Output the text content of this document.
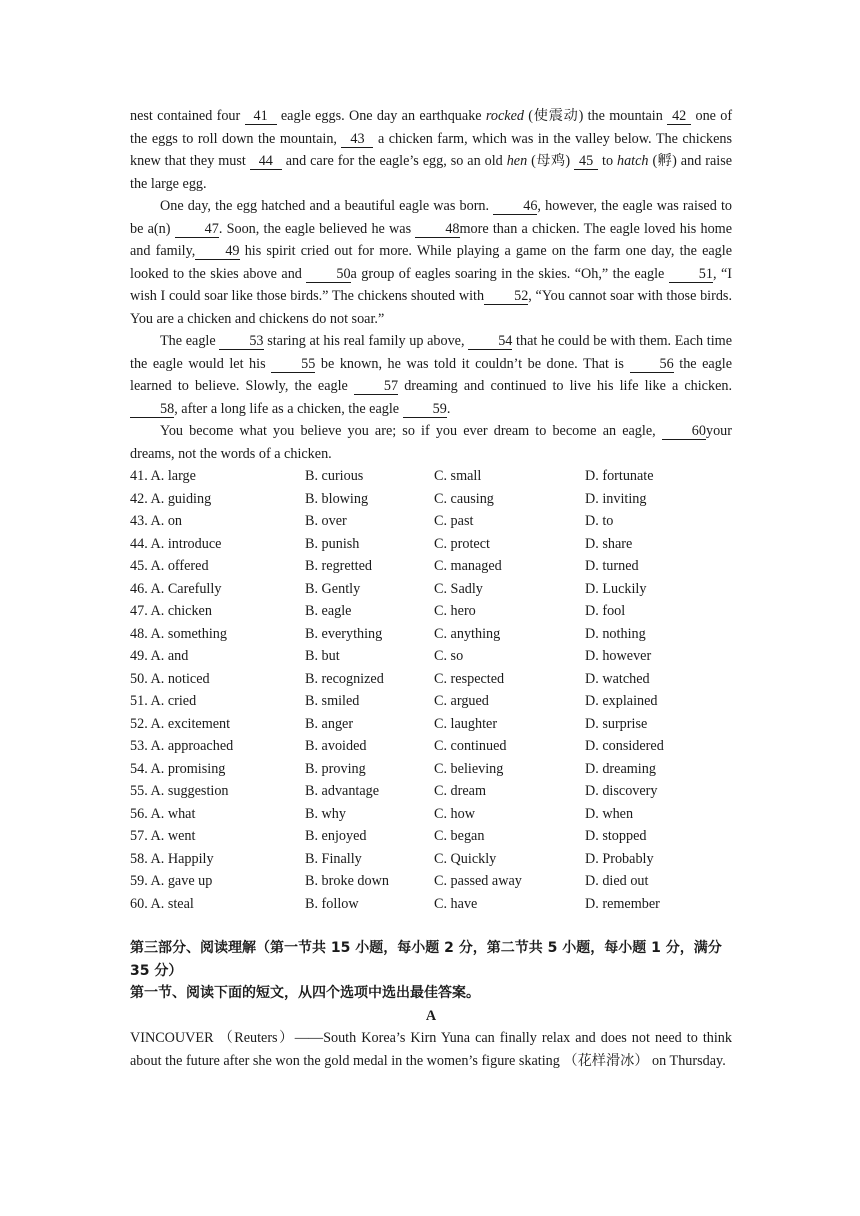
nest contained four 41 eagle eggs. One day an earthquake rocked (使震动) the mountain 42 one of the eggs to roll down the mountain, 43 a chicken farm, which was in the valley below. The chickens knew that they must 44 and care for the eagle’s egg, so an old hen (母鸡) 45 to hatch (孵) and raise the large egg.

One day, the egg hatched and a beautiful eagle was born. 46, however, the eagle was raised to be a(n) 47. Soon, the eagle believed he was 48more than a chicken. The eagle loved his home and family, 49 his spirit cried out for more. While playing a game on the farm one day, the eagle looked to the skies above and 50a group of eagles soaring in the skies. “Oh,” the eagle 51, “I wish I could soar like those birds.” The chickens shouted with 52, “You cannot soar with those birds. You are a chicken and chickens do not soar.”

The eagle 53 staring at his real family up above, 54 that he could be with them. Each time the eagle would let his	55 be known, he was told it couldn’t be done. That is	56 the eagle learned to believe. Slowly, the eagle	57 dreaming and continued to live his life like a chicken. 58, after a long life as a chicken, the eagle 59.

You become what you believe you are; so if you ever dream to become an eagle,	60your dreams, not the words of a chicken.

41. A. large	B. curious	C. small	D. fortunate
42. A. guiding	B. blowing	C. causing	D. inviting
43. A. on	B. over	C. past	D. to
44. A. introduce	B. punish	C. protect	D. share
45. A. offered	B. regretted	C. managed	D. turned
46. A. Carefully	B. Gently	C. Sadly	D. Luckily
47. A. chicken	B. eagle	C. hero	D. fool
48. A. something	B. everything	C. anything	D. nothing
49. A. and	B. but	C. so	D. however
50. A. noticed	B. recognized	C. respected	D. watched
51. A. cried	B. smiled	C. argued	D. explained
52. A. excitement	B. anger	C. laughter	D. surprise
53. A. approached	B. avoided	C. continued	D. considered
54. A. promising	B. proving	C. believing	D. dreaming
55. A. suggestion	B. advantage	C. dream	D. discovery
56. A. what	B. why	C. how	D. when
57. A. went	B. enjoyed	C. began	D. stopped
58. A. Happily	B. Finally	C. Quickly	D. Probably
59. A. gave up	B. broke down	C. passed away	D. died out
60. A. steal	B. follow	C. have	D. remember
第三部分、阅读理解（第一节共 15 小题，每小题 2 分，第二节共 5 小题，每小题 1 分，满分 35 分）
第一节、阅读下面的短文，从四个选项中选出最佳答案。
A

VINCOUVER （Reuters）——South Korea’s Kirn Yuna can finally relax and does not need to think about the future after she won the gold medal in the women’s figure skating （花样滑冰） on Thursday.
